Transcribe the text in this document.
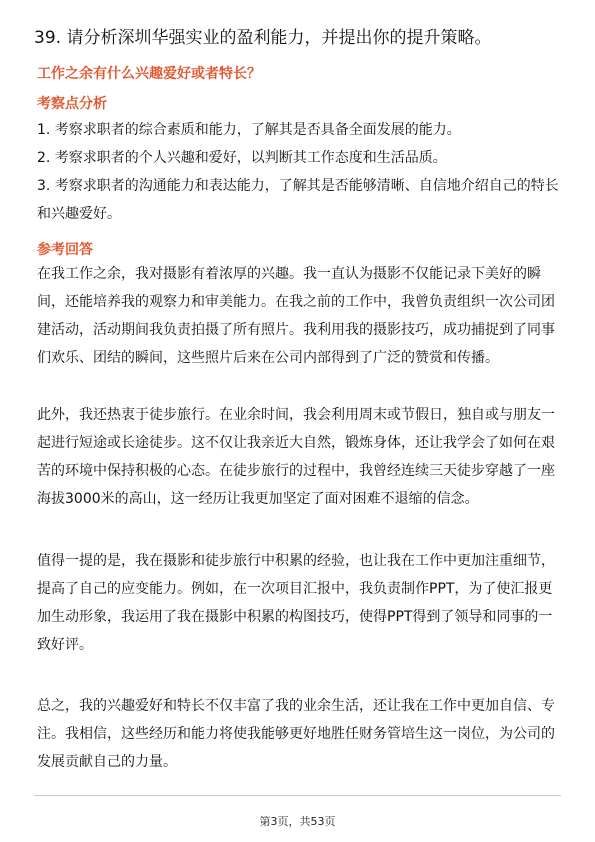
39. 请分析深圳华强实业的盈利能力，并提出你的提升策略。
工作之余有什么兴趣爱好或者特长？
考察点分析

1. 考察求职者的综合素质和能力，了解其是否具备全面发展的能力。

2. 考察求职者的个人兴趣和爱好，以判断其工作态度和生活品质。

3. 考察求职者的沟通能力和表达能力，了解其是否能够清晰、自信地介绍自己的特长和兴趣爱好。

参考回答

在我工作之余，我对摄影有着浓厚的兴趣。我一直认为摄影不仅能记录下美好的瞬间，还能培养我的观察力和审美能力。在我之前的工作中，我曾负责组织一次公司团建活动，活动期间我负责拍摄了所有照片。我利用我的摄影技巧，成功捕捉到了同事们欢乐、团结的瞬间，这些照片后来在公司内部得到了广泛的赞赏和传播。

此外，我还热衷于徒步旅行。在业余时间，我会利用周末或节假日，独自或与朋友一起进行短途或长途徒步。这不仅让我亲近大自然，锻炼身体，还让我学会了如何在艰苦的环境中保持积极的心态。在徒步旅行的过程中，我曾经连续三天徒步穿越了一座海拔3000米的高山，这一经历让我更加坚定了面对困难不退缩的信念。

值得一提的是，我在摄影和徒步旅行中积累的经验，也让我在工作中更加注重细节，提高了自己的应变能力。例如，在一次项目汇报中，我负责制作PPT，为了使汇报更加生动形象，我运用了我在摄影中积累的构图技巧，使得PPT得到了领导和同事的一致好评。

总之，我的兴趣爱好和特长不仅丰富了我的业余生活，还让我在工作中更加自信、专注。我相信，这些经历和能力将使我能够更好地胜任财务管培生这一岗位，为公司的发展贡献自己的力量。

第3页，共53页
